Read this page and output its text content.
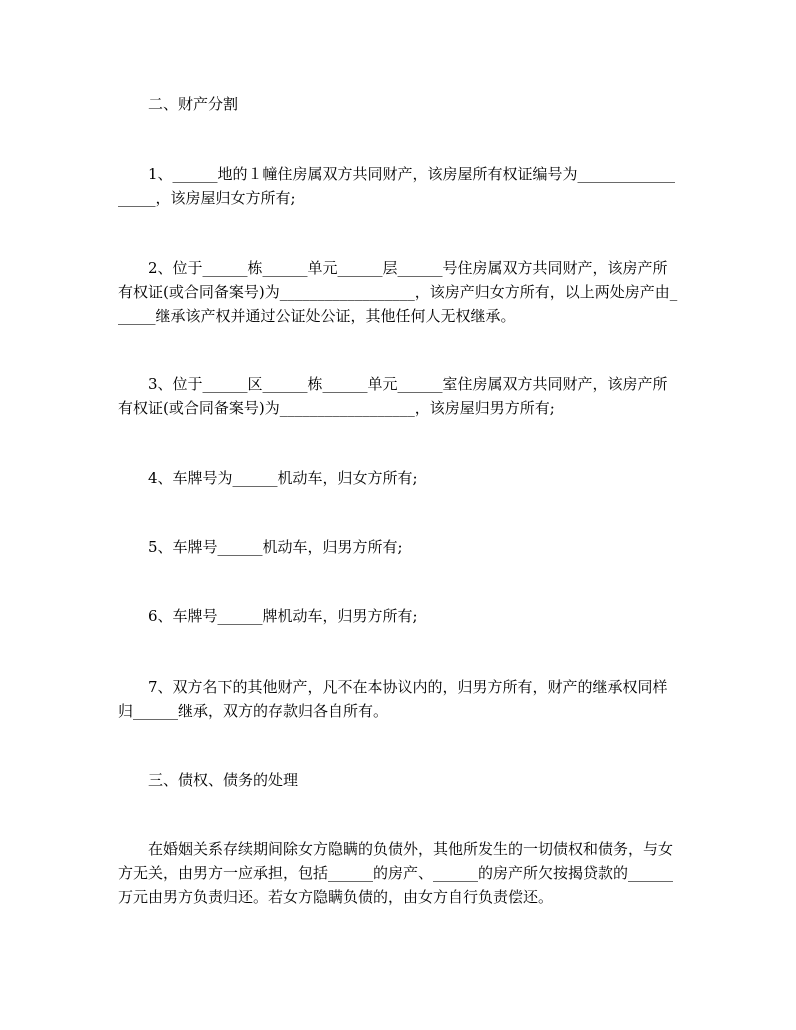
二、财产分割
1、______地的１幢住房属双方共同财产，该房屋所有权证编号为__________________，该房屋归女方所有;
2、位于______栋______单元______层______号住房属双方共同财产，该房产所有权证(或合同备案号)为__________________，该房产归女方所有，以上两处房产由______继承该产权并通过公证处公证，其他任何人无权继承。
3、位于______区______栋______单元______室住房属双方共同财产，该房产所有权证(或合同备案号)为__________________，该房屋归男方所有;
4、车牌号为______机动车，归女方所有;
5、车牌号______机动车，归男方所有;
6、车牌号______牌机动车，归男方所有;
7、双方名下的其他财产，凡不在本协议内的，归男方所有，财产的继承权同样归______继承，双方的存款归各自所有。
三、债权、债务的处理
在婚姻关系存续期间除女方隐瞒的负债外，其他所发生的一切债权和债务，与女方无关，由男方一应承担，包括______的房产、______的房产所欠按揭贷款的______万元由男方负责归还。若女方隐瞒负债的，由女方自行负责偿还。
